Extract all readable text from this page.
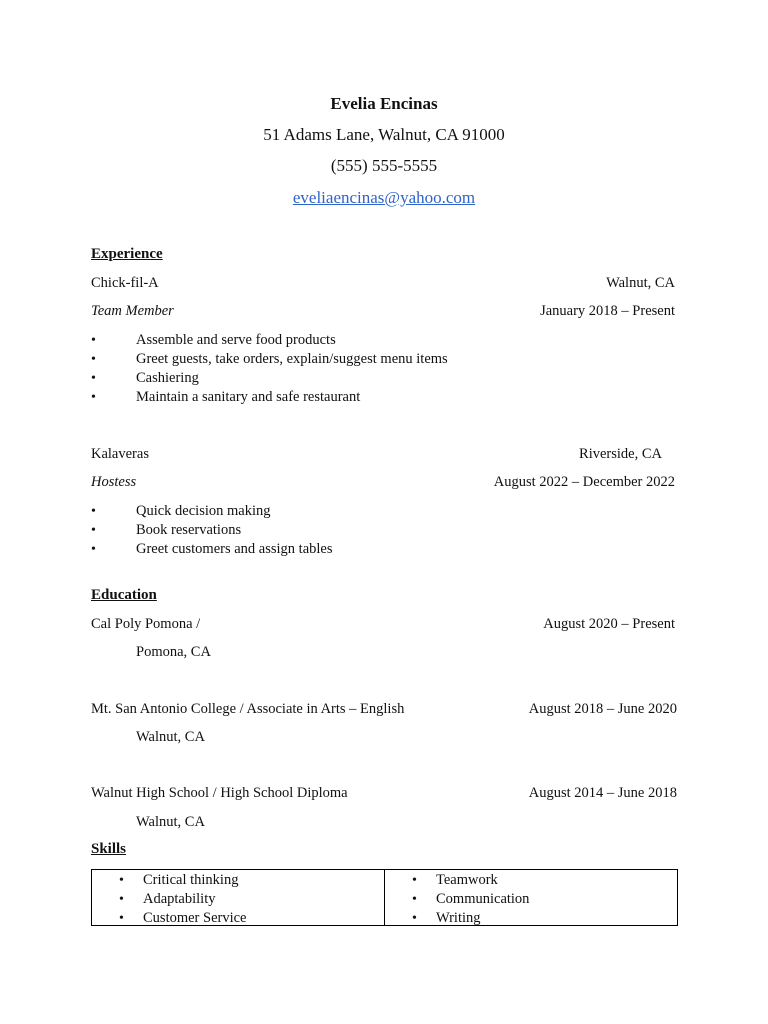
Evelia Encinas
51 Adams Lane, Walnut, CA 91000
(555) 555-5555
eveliaencinas@yahoo.com
Experience
Chick-fil-A	Walnut, CA
Team Member	January 2018 – Present
• Assemble and serve food products
• Greet guests, take orders, explain/suggest menu items
• Cashiering
• Maintain a sanitary and safe restaurant
Kalaveras	Riverside, CA
Hostess	August 2022 – December 2022
• Quick decision making
• Book reservations
• Greet customers and assign tables
Education
Cal Poly Pomona /	August 2020 – Present
Pomona, CA
Mt. San Antonio College / Associate in Arts – English	August 2018 – June 2020
Walnut, CA
Walnut High School / High School Diploma	August 2014 – June 2018
Walnut, CA
Skills
• Critical thinking
• Adaptability
• Customer Service
• Teamwork
• Communication
• Writing
